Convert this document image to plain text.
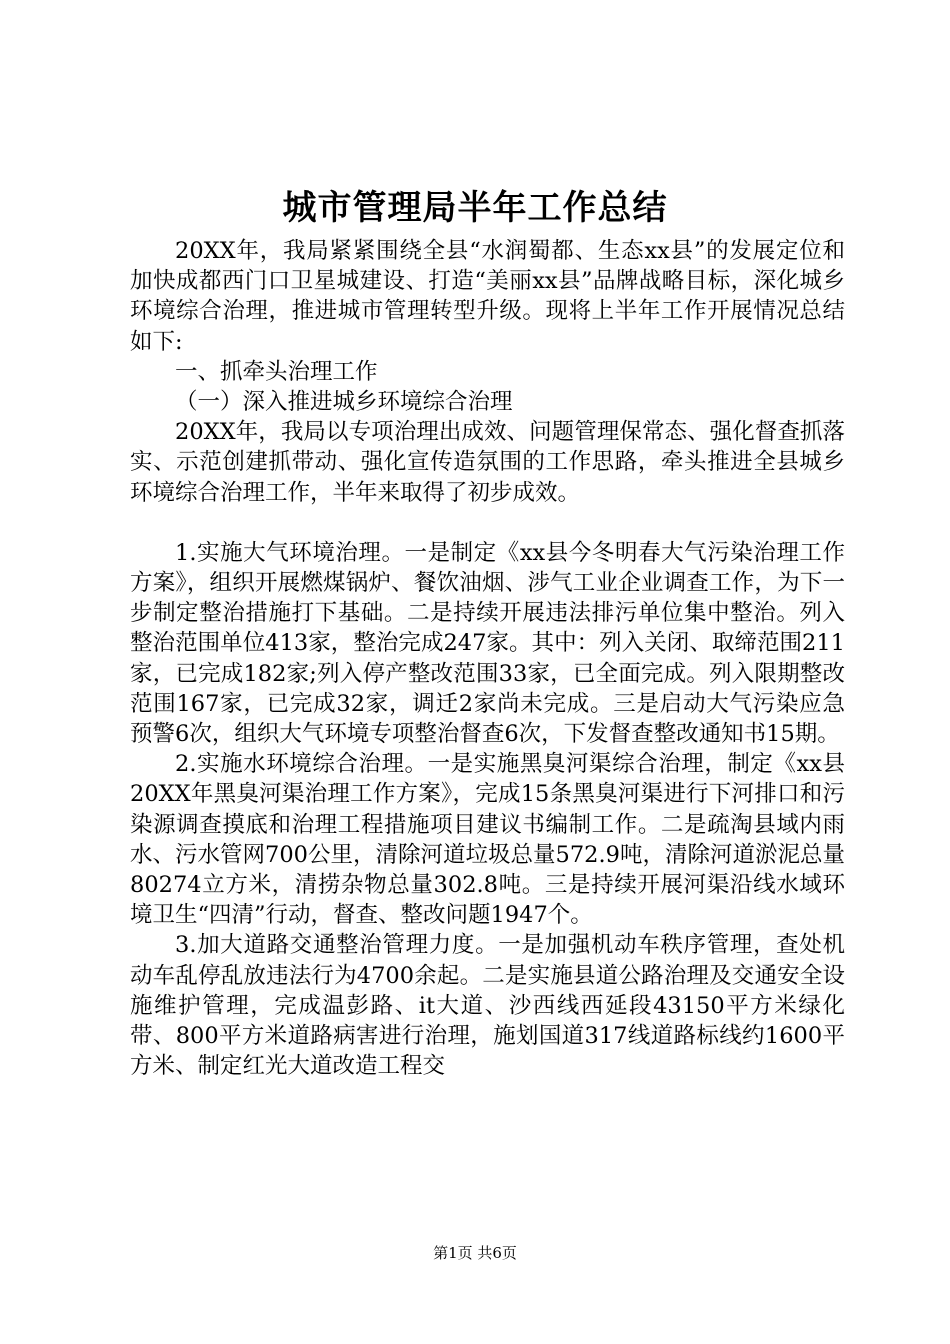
城市管理局半年工作总结

20XX年，我局紧紧围绕全县“水润蜀都、生态xx县”的发展定位和加快成都西门口卫星城建设、打造“美丽xx县”品牌战略目标，深化城乡环境综合治理，推进城市管理转型升级。现将上半年工作开展情况总结如下:

一、抓牵头治理工作

（一）深入推进城乡环境综合治理

20XX年，我局以专项治理出成效、问题管理保常态、强化督查抓落实、示范创建抓带动、强化宣传造氛围的工作思路，牵头推进全县城乡环境综合治理工作，半年来取得了初步成效。

1.实施大气环境治理。一是制定《xx县今冬明春大气污染治理工作方案》，组织开展燃煤锅炉、餐饮油烟、涉气工业企业调查工作，为下一步制定整治措施打下基础。二是持续开展违法排污单位集中整治。列入整治范围单位413家，整治完成247家。其中：列入关闭、取缔范围211家，已完成182家;列入停产整改范围33家，已全面完成。列入限期整改范围167家，已完成32家，调迁2家尚未完成。三是启动大气污染应急预警6次，组织大气环境专项整治督查6次，下发督查整改通知书15期。

2.实施水环境综合治理。一是实施黑臭河渠综合治理，制定《xx县20XX年黑臭河渠治理工作方案》，完成15条黑臭河渠进行下河排口和污染源调查摸底和治理工程措施项目建议书编制工作。二是疏淘县域内雨水、污水管网700公里，清除河道垃圾总量572.9吨，清除河道淤泥总量80274立方米，清捞杂物总量302.8吨。三是持续开展河渠沿线水域环境卫生“四清”行动，督查、整改问题1947个。

3.加大道路交通整治管理力度。一是加强机动车秩序管理，查处机动车乱停乱放违法行为4700余起。二是实施县道公路治理及交通安全设施维护管理，完成温彭路、it大道、沙西线西延段43150平方米绿化带、800平方米道路病害进行治理，施划国道317线道路标线约1600平方米、制定红光大道改造工程交

第1页 共6页
